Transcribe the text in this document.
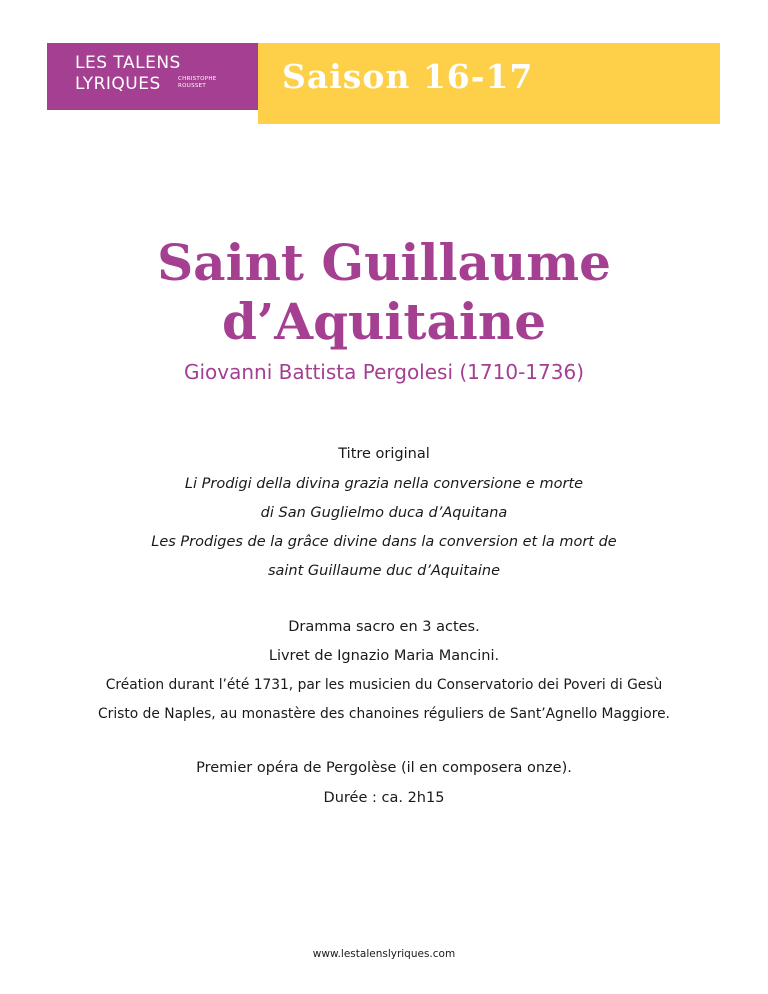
LES TALENS
LYRIQUES	CHRISTOPHE
ROUSSET	Saison 16-17
Saint Guillaume
d’Aquitaine
Giovanni Battista Pergolesi (1710-1736)
Titre original
Li Prodigi della divina grazia nella conversione e morte
di San Guglielmo duca d’Aquitana
Les Prodiges de la grâce divine dans la conversion et la mort de
saint Guillaume duc d’Aquitaine
Dramma sacro en 3 actes.
Livret de Ignazio Maria Mancini.
Création durant l’été 1731, par les musicien du Conservatorio dei Poveri di Gesù
Cristo de Naples, au monastère des chanoines réguliers de Sant’Agnello Maggiore.
Premier opéra de Pergolèse (il en composera onze).
Durée : ca. 2h15
www.lestalenslyriques.com
